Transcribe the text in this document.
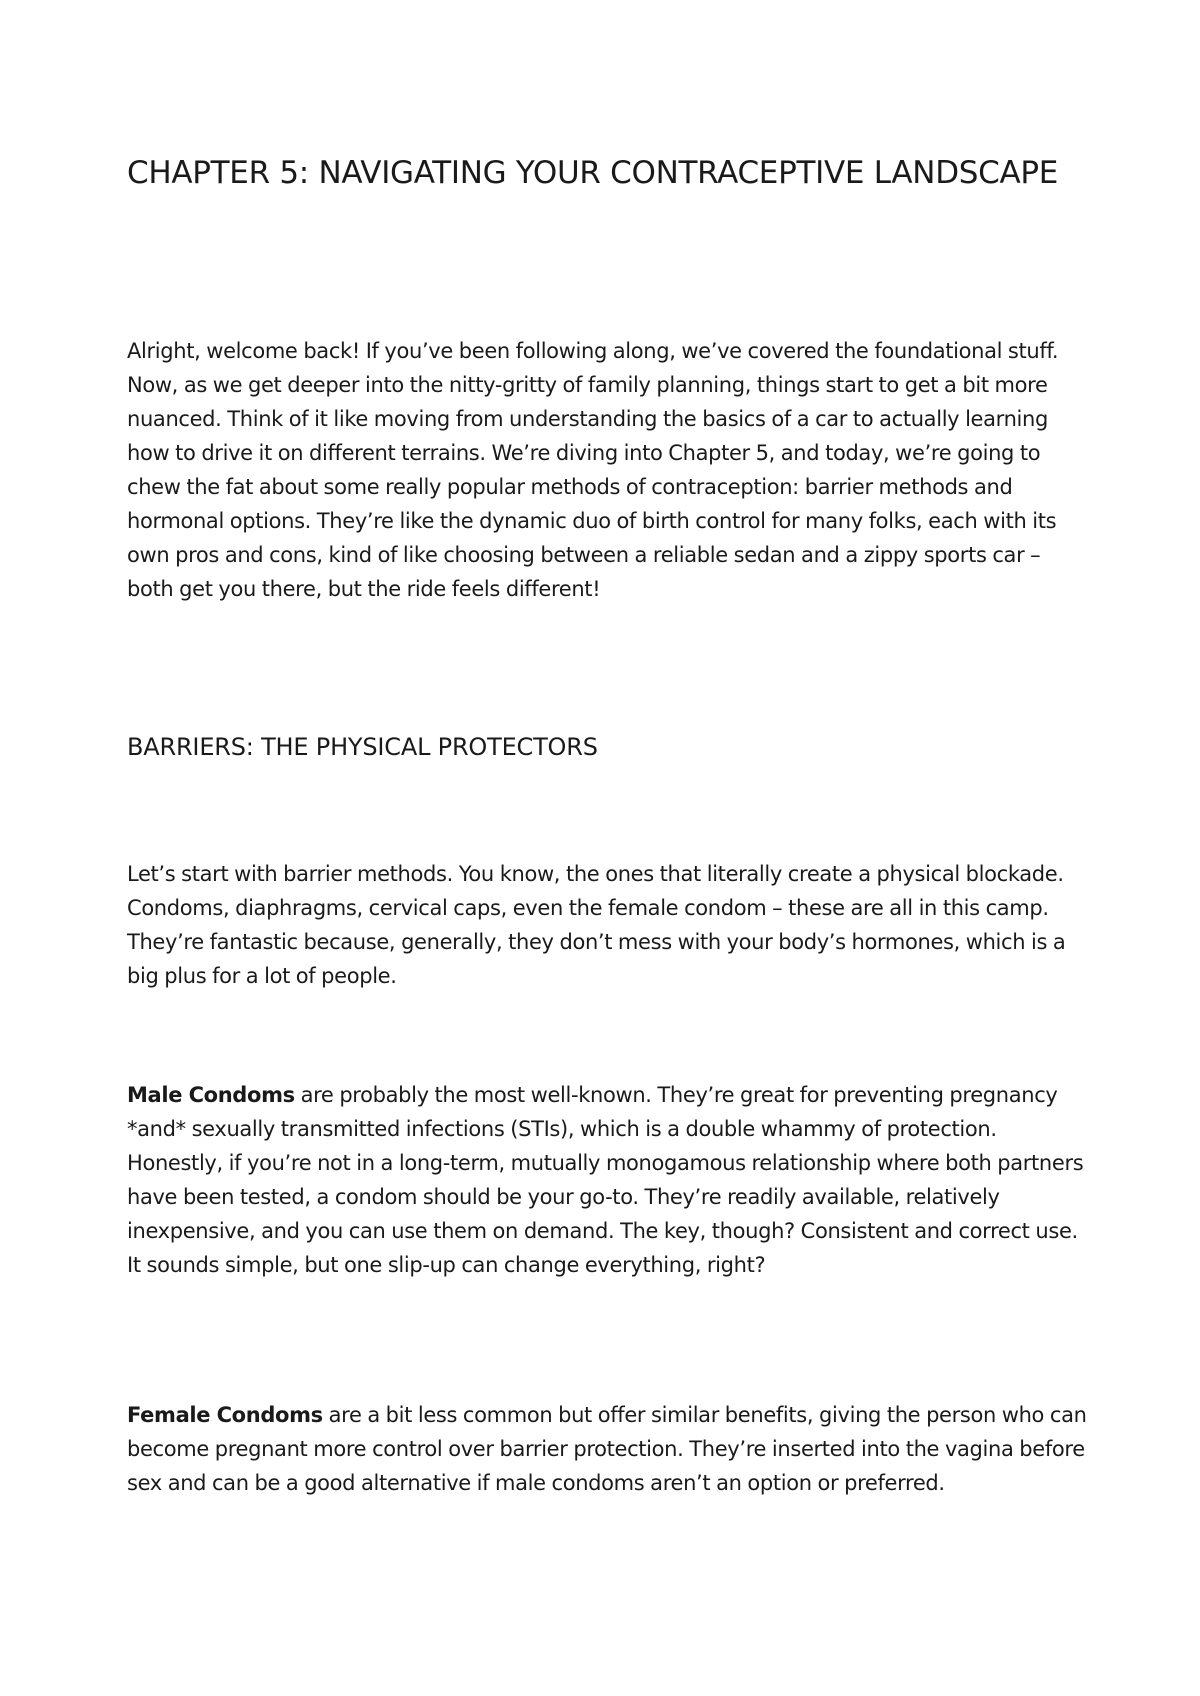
CHAPTER 5: NAVIGATING YOUR CONTRACEPTIVE LANDSCAPE

Alright, welcome back! If you’ve been following along, we’ve covered the foundational stuff. Now, as we get deeper into the nitty-gritty of family planning, things start to get a bit more nuanced. Think of it like moving from understanding the basics of a car to actually learning how to drive it on different terrains. We’re diving into Chapter 5, and today, we’re going to chew the fat about some really popular methods of contraception: barrier methods and hormonal options. They’re like the dynamic duo of birth control for many folks, each with its own pros and cons, kind of like choosing between a reliable sedan and a zippy sports car – both get you there, but the ride feels different!

BARRIERS: THE PHYSICAL PROTECTORS

Let’s start with barrier methods. You know, the ones that literally create a physical blockade. Condoms, diaphragms, cervical caps, even the female condom – these are all in this camp. They’re fantastic because, generally, they don’t mess with your body’s hormones, which is a big plus for a lot of people.

Male Condoms are probably the most well-known. They’re great for preventing pregnancy *and* sexually transmitted infections (STIs), which is a double whammy of protection. Honestly, if you’re not in a long-term, mutually monogamous relationship where both partners have been tested, a condom should be your go-to. They’re readily available, relatively inexpensive, and you can use them on demand. The key, though? Consistent and correct use. It sounds simple, but one slip-up can change everything, right?

Female Condoms are a bit less common but offer similar benefits, giving the person who can become pregnant more control over barrier protection. They’re inserted into the vagina before sex and can be a good alternative if male condoms aren’t an option or preferred.
